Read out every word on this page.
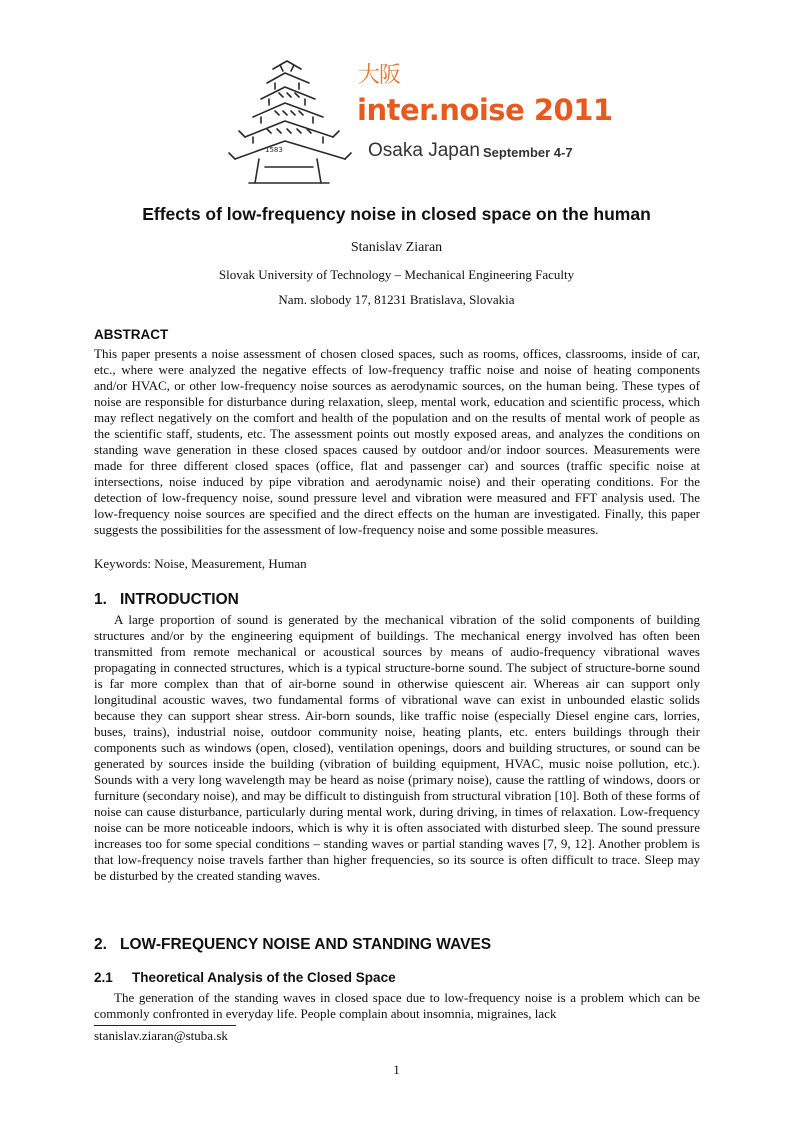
1583
大阪
inter.noise 2011
Osaka Japan September 4-7
Effects of low-frequency noise in closed space on the human
Stanislav Ziaran
Slovak University of Technology – Mechanical Engineering Faculty
Nam. slobody 17, 81231 Bratislava, Slovakia
ABSTRACT
This paper presents a noise assessment of chosen closed spaces, such as rooms, offices, classrooms, inside of car, etc., where were analyzed the negative effects of low-frequency traffic noise and noise of heating components and/or HVAC, or other low-frequency noise sources as aerodynamic sources, on the human being. These types of noise are responsible for disturbance during relaxation, sleep, mental work, education and scientific process, which may reflect negatively on the comfort and health of the population and on the results of mental work of people as the scientific staff, students, etc. The assessment points out mostly exposed areas, and analyzes the conditions on standing wave generation in these closed spaces caused by outdoor and/or indoor sources. Measurements were made for three different closed spaces (office, flat and passenger car) and sources (traffic specific noise at intersections, noise induced by pipe vibration and aerodynamic noise) and their operating conditions. For the detection of low-frequency noise, sound pressure level and vibration were measured and FFT analysis used. The low-frequency noise sources are specified and the direct effects on the human are investigated. Finally, this paper suggests the possibilities for the assessment of low-frequency noise and some possible measures.
Keywords: Noise, Measurement, Human
1. INTRODUCTION
A large proportion of sound is generated by the mechanical vibration of the solid components of building structures and/or by the engineering equipment of buildings. The mechanical energy involved has often been transmitted from remote mechanical or acoustical sources by means of audio-frequency vibrational waves propagating in connected structures, which is a typical structure-borne sound. The subject of structure-borne sound is far more complex than that of air-borne sound in otherwise quiescent air. Whereas air can support only longitudinal acoustic waves, two fundamental forms of vibrational wave can exist in unbounded elastic solids because they can support shear stress. Air-born sounds, like traffic noise (especially Diesel engine cars, lorries, buses, trains), industrial noise, outdoor community noise, heating plants, etc. enters buildings through their components such as windows (open, closed), ventilation openings, doors and building structures, or sound can be generated by sources inside the building (vibration of building equipment, HVAC, music noise pollution, etc.). Sounds with a very long wavelength may be heard as noise (primary noise), cause the rattling of windows, doors or furniture (secondary noise), and may be difficult to distinguish from structural vibration [10]. Both of these forms of noise can cause disturbance, particularly during mental work, during driving, in times of relaxation. Low-frequency noise can be more noticeable indoors, which is why it is often associated with disturbed sleep. The sound pressure increases too for some special conditions – standing waves or partial standing waves [7, 9, 12]. Another problem is that low-frequency noise travels farther than higher frequencies, so its source is often difficult to trace. Sleep may be disturbed by the created standing waves.
2. LOW-FREQUENCY NOISE AND STANDING WAVES
2.1 Theoretical Analysis of the Closed Space
The generation of the standing waves in closed space due to low-frequency noise is a problem which can be commonly confronted in everyday life. People complain about insomnia, migraines, lack
stanislav.ziaran@stuba.sk
1
